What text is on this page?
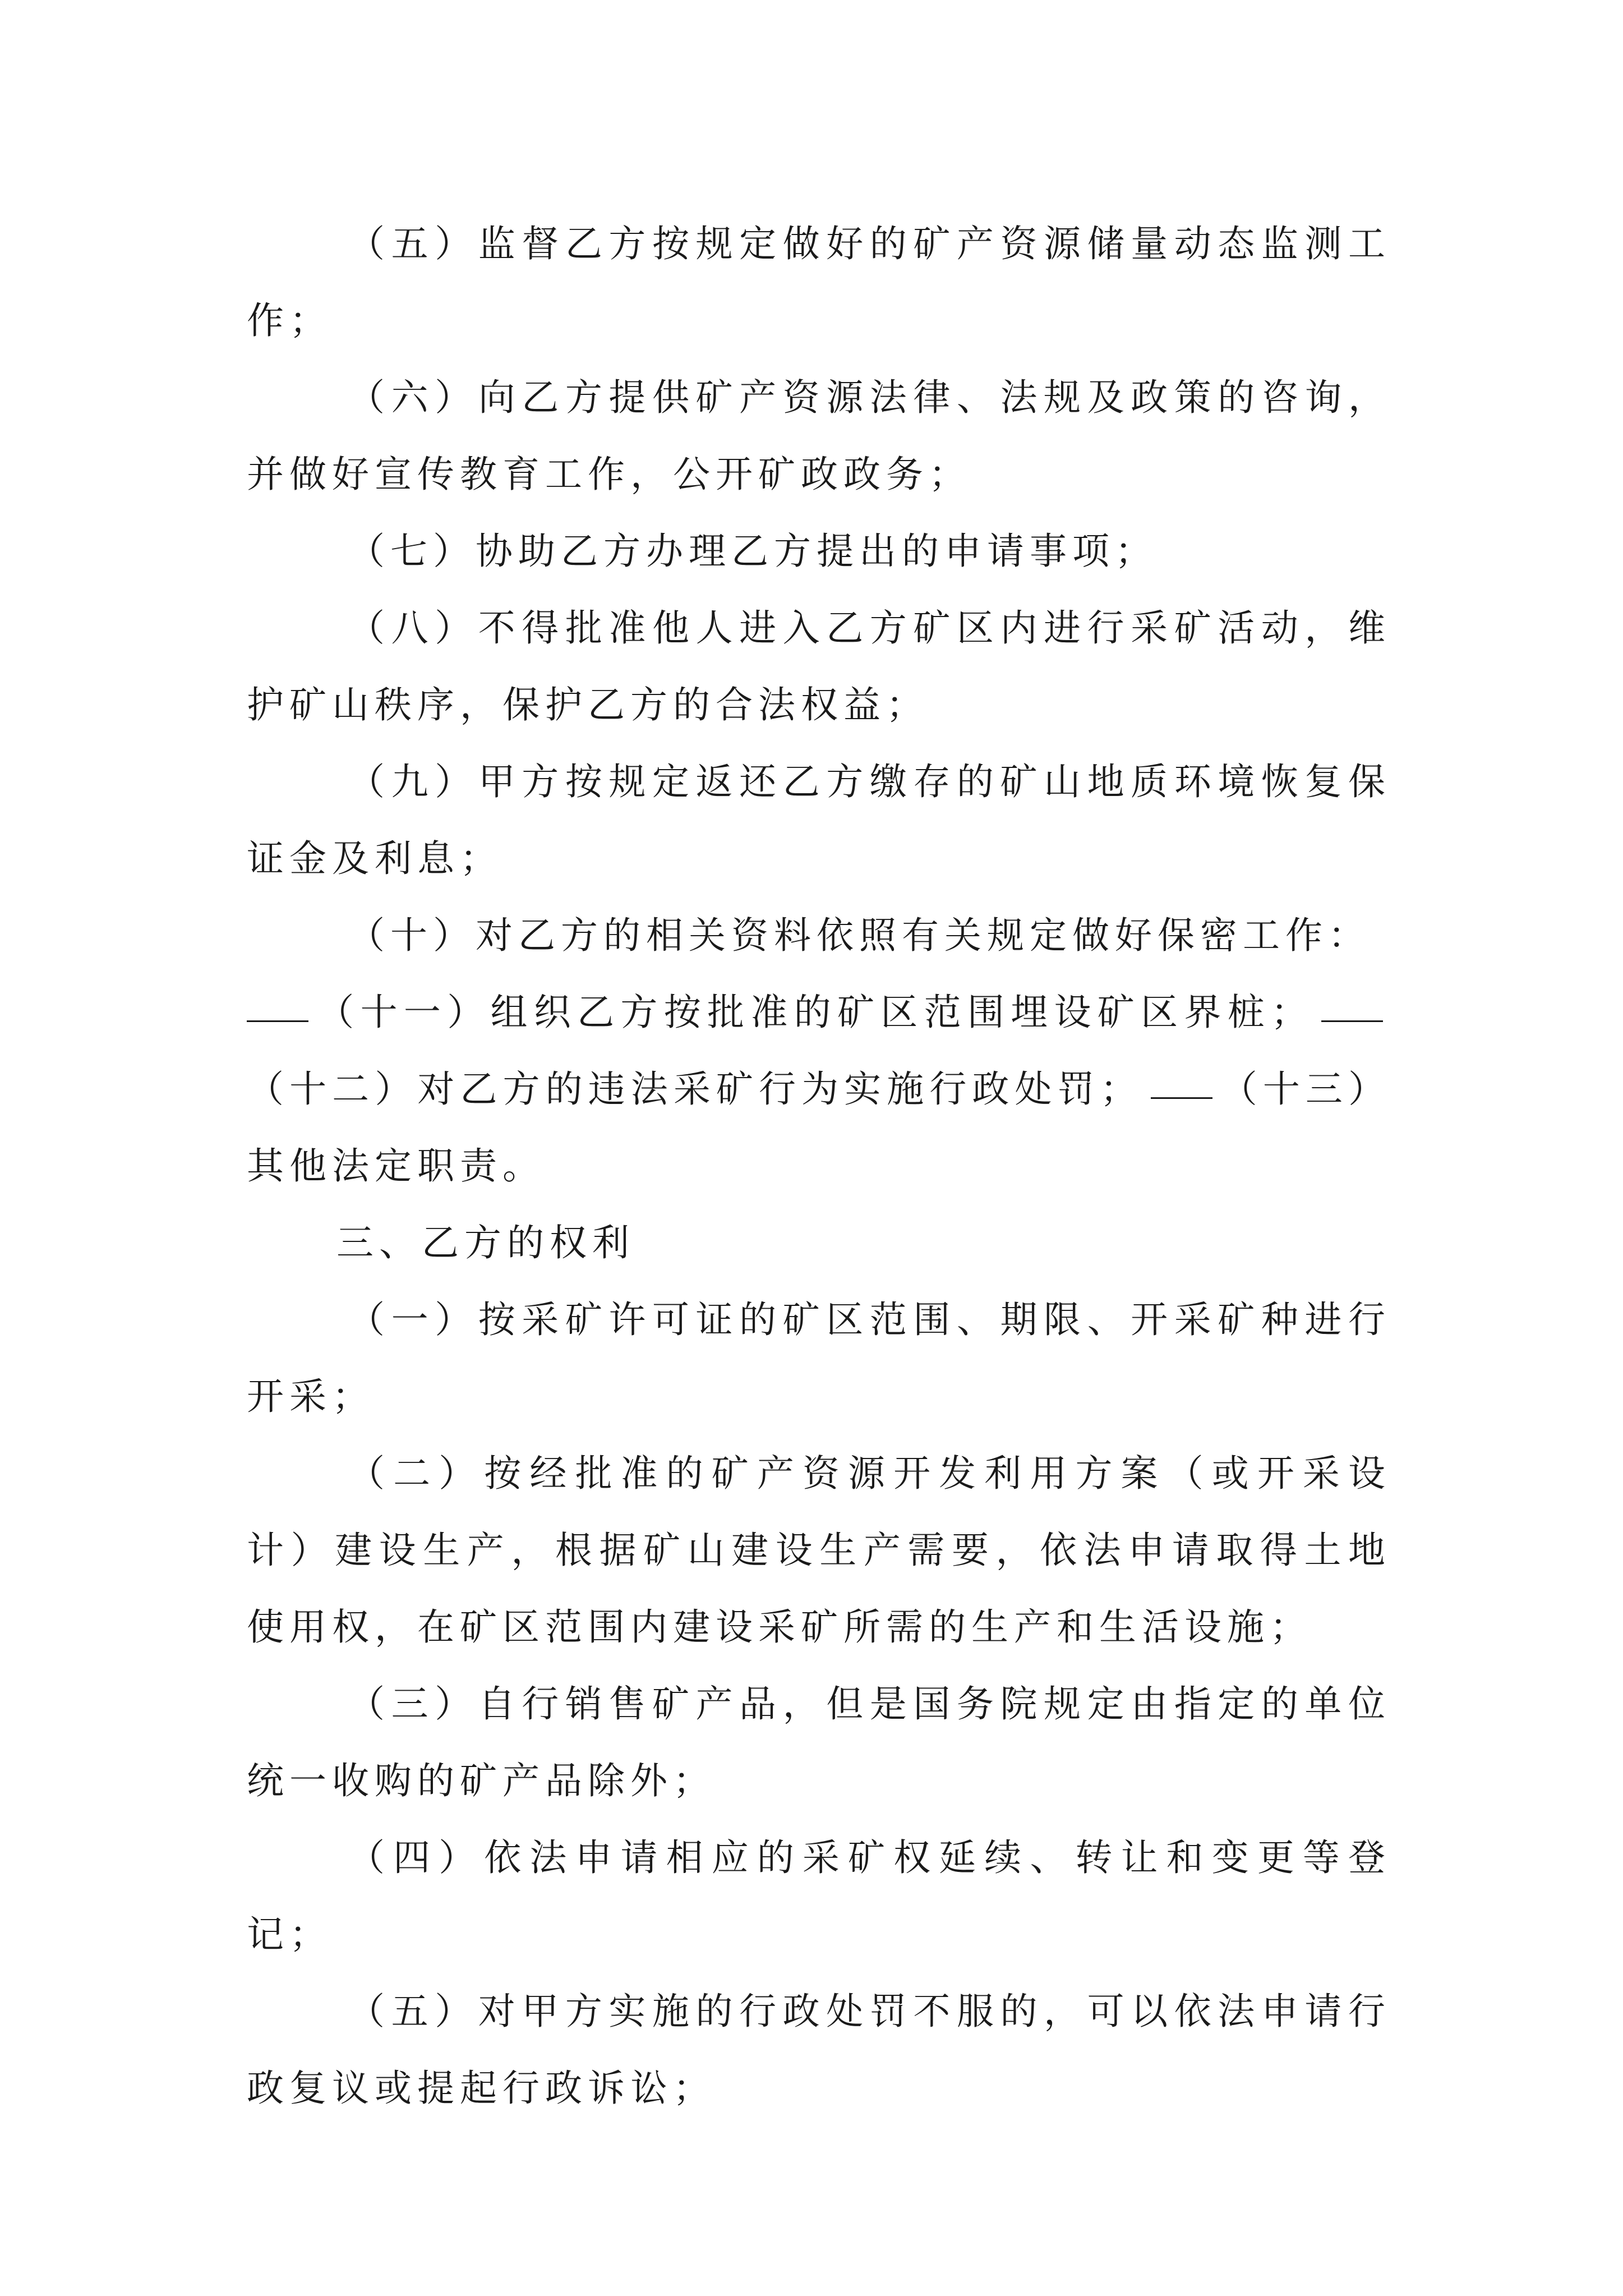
（五）监督乙方按规定做好的矿产资源储量动态监测工作；

（六）向乙方提供矿产资源法律、法规及政策的咨询，并做好宣传教育工作，公开矿政政务；

（七）协助乙方办理乙方提出的申请事项；

（八）不得批准他人进入乙方矿区内进行采矿活动，维护矿山秩序，保护乙方的合法权益；

（九）甲方按规定返还乙方缴存的矿山地质环境恢复保证金及利息；

（十）对乙方的相关资料依照有关规定做好保密工作：

（十一）组织乙方按批准的矿区范围埋设矿区界桩；（十二）对乙方的违法采矿行为实施行政处罚； （十三）其他法定职责。

三、乙方的权利

（一）按采矿许可证的矿区范围、期限、开采矿种进行开采；

（二）按经批准的矿产资源开发利用方案（或开采设计）建设生产，根据矿山建设生产需要，依法申请取得土地使用权，在矿区范围内建设采矿所需的生产和生活设施；

（三）自行销售矿产品，但是国务院规定由指定的单位统一收购的矿产品除外；

（四）依法申请相应的采矿权延续、转让和变更等登记；

（五）对甲方实施的行政处罚不服的，可以依法申请行政复议或提起行政诉讼；
